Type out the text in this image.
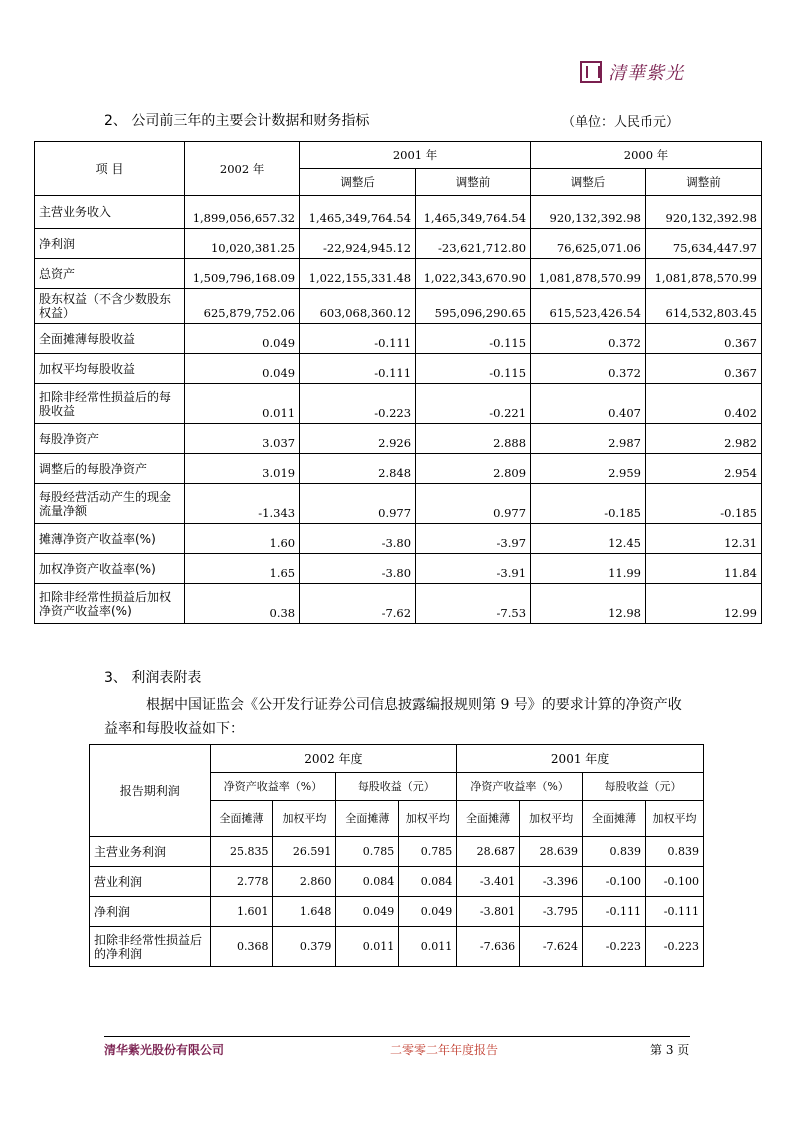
清華紫光
2、 公司前三年的主要会计数据和财务指标	（单位：人民币元）
项 目	2002 年	2001 年		2000 年	
		调整后	调整前	调整后	调整前
主营业务收入	1,899,056,657.32	1,465,349,764.54	1,465,349,764.54	920,132,392.98	920,132,392.98
净利润	10,020,381.25	-22,924,945.12	-23,621,712.80	76,625,071.06	75,634,447.97
总资产	1,509,796,168.09	1,022,155,331.48	1,022,343,670.90	1,081,878,570.99	1,081,878,570.99
股东权益（不含少数股东权益）	625,879,752.06	603,068,360.12	595,096,290.65	615,523,426.54	614,532,803.45
全面摊薄每股收益	0.049	-0.111	-0.115	0.372	0.367
加权平均每股收益	0.049	-0.111	-0.115	0.372	0.367
扣除非经常性损益后的每股收益	0.011	-0.223	-0.221	0.407	0.402
每股净资产	3.037	2.926	2.888	2.987	2.982
调整后的每股净资产	3.019	2.848	2.809	2.959	2.954
每股经营活动产生的现金流量净额	-1.343	0.977	0.977	-0.185	-0.185
摊薄净资产收益率(%)	1.60	-3.80	-3.97	12.45	12.31
加权净资产收益率(%)	1.65	-3.80	-3.91	11.99	11.84
扣除非经常性损益后加权净资产收益率(%)	0.38	-7.62	-7.53	12.98	12.99
3、 利润表附表
根据中国证监会《公开发行证券公司信息披露编报规则第 9 号》的要求计算的净资产收益率和每股收益如下：
报告期利润	2002 年度				2001 年度			
	净资产收益率（%）		每股收益（元）		净资产收益率（%）		每股收益（元）	
	全面摊薄	加权平均	全面摊薄	加权平均	全面摊薄	加权平均	全面摊薄	加权平均
主营业务利润	25.835	26.591	0.785	0.785	28.687	28.639	0.839	0.839
营业利润	2.778	2.860	0.084	0.084	-3.401	-3.396	-0.100	-0.100
净利润	1.601	1.648	0.049	0.049	-3.801	-3.795	-0.111	-0.111
扣除非经常性损益后的净利润	0.368	0.379	0.011	0.011	-7.636	-7.624	-0.223	-0.223
清华紫光股份有限公司	二零零二年年度报告	第 3 页
